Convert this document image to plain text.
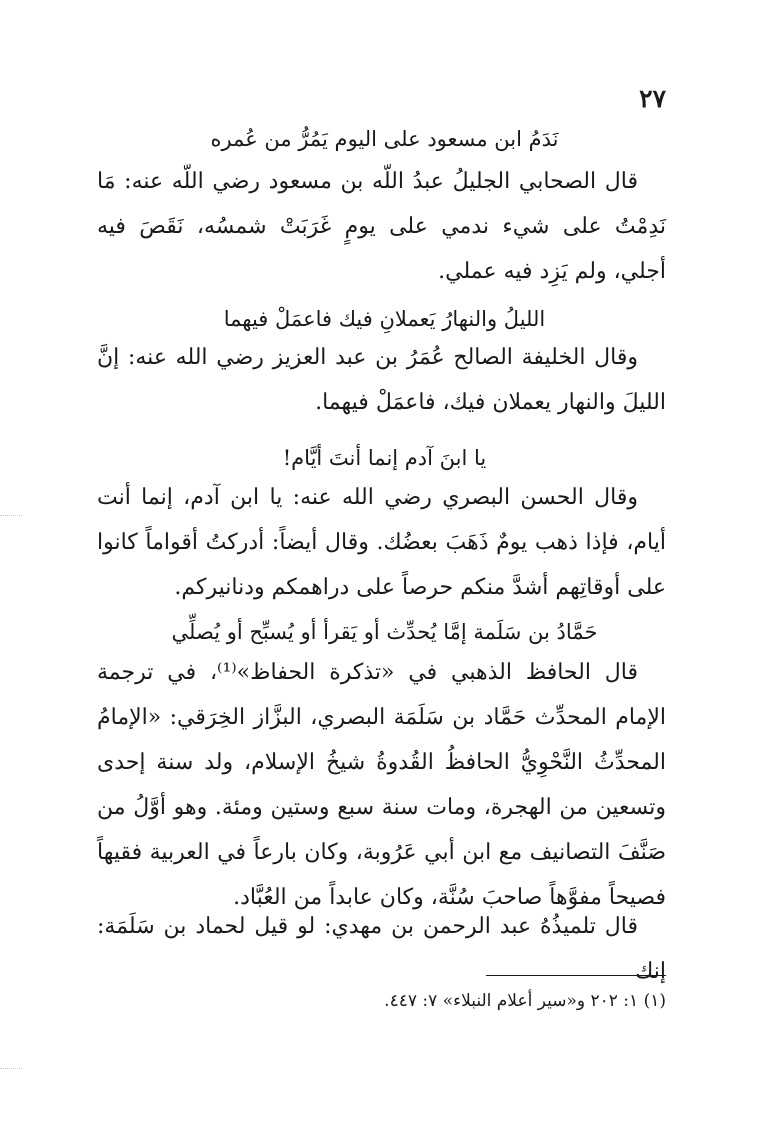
٢٧
نَدَمُ ابن مسعود على اليوم يَمُرُّ من عُمره
قال الصحابي الجليلُ عبدُ اللّه بن مسعود رضي اللّه عنه: مَا نَدِمْتُ على شيء ندمي على يومٍ غَرَبَتْ شمسُه، نَقَصَ فيه أجلي، ولم يَزِد فيه عملي.
الليلُ والنهارُ يَعملانِ فيك فاعمَلْ فيهما
وقال الخليفة الصالح عُمَرُ بن عبد العزيز رضي الله عنه: إنَّ الليلَ والنهار يعملان فيك، فاعمَلْ فيهما.
يا ابنَ آدم إنما أنتَ أيَّام!
وقال الحسن البصري رضي الله عنه: يا ابن آدم، إنما أنت أيام، فإذا ذهب يومٌ ذَهَبَ بعضُك. وقال أيضاً: أدركتُ أقواماً كانوا على أوقاتِهم أشدَّ منكم حرصاً على دراهمكم ودنانيركم.
حَمَّادُ بن سَلَمة إمَّا يُحدِّث أو يَقرأ أو يُسبِّح أو يُصلِّي
قال الحافظ الذهبي في «تذكرة الحفاظ»⁽¹⁾، في ترجمة الإمام المحدِّث حَمَّاد بن سَلَمَة البصري، البزَّاز الخِرَقي: «الإمامُ المحدِّثُ النَّحْوِيُّ الحافظُ القُدوةُ شيخُ الإسلام، ولد سنة إحدى وتسعين من الهجرة، ومات سنة سبع وستين ومئة. وهو أوَّلُ من صَنَّفَ التصانيف مع ابن أبي عَرُوبة، وكان بارعاً في العربية فقيهاً فصيحاً مفوَّهاً صاحبَ سُنَّة، وكان عابداً من العُبَّاد.
قال تلميذُهُ عبد الرحمن بن مهدي: لو قيل لحماد بن سَلَمَة: إنك
(١) ١: ٢٠٢ و«سير أعلام النبلاء» ٧: ٤٤٧.
